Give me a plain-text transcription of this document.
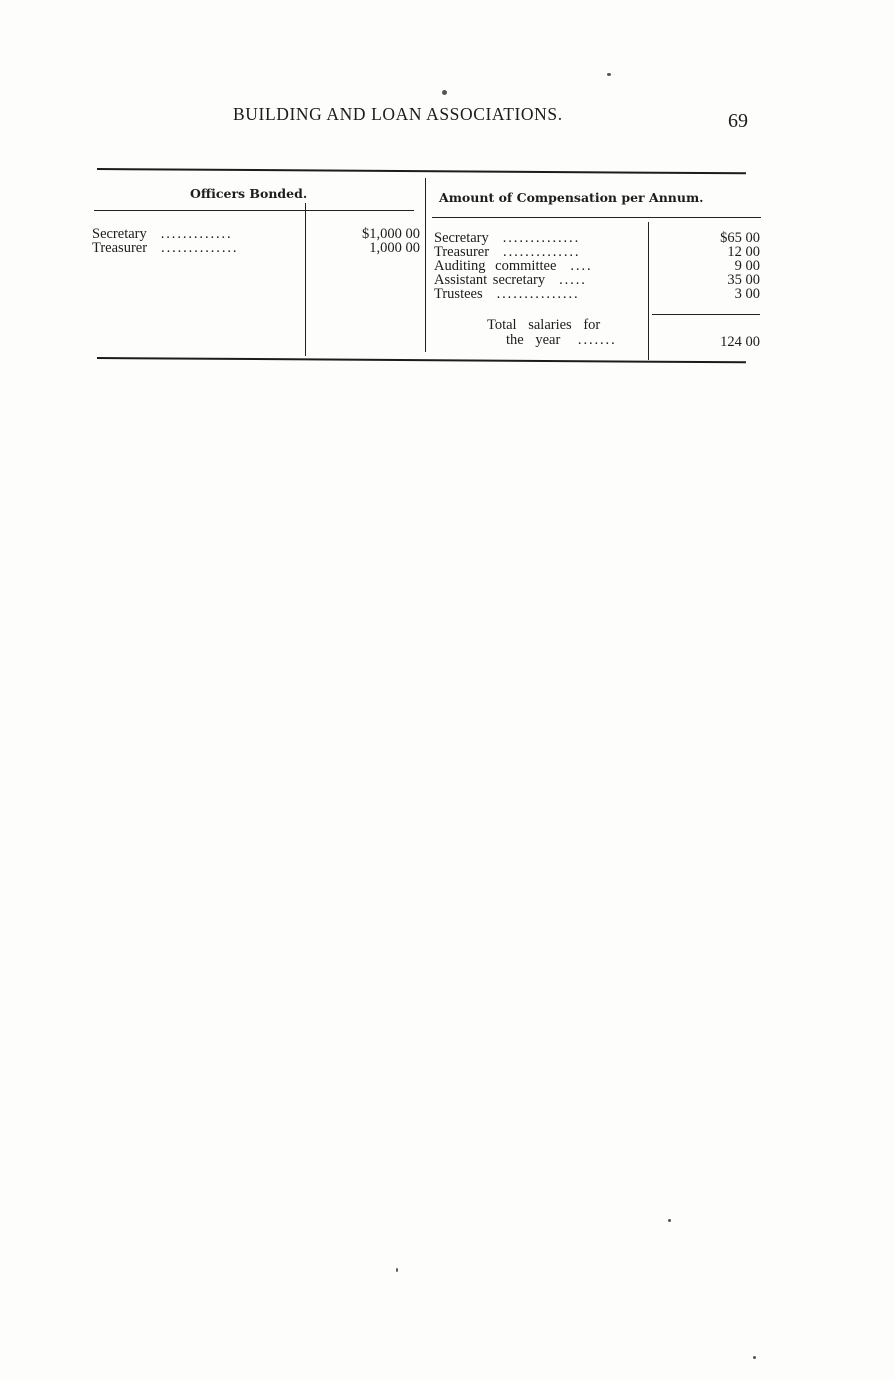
BUILDING AND LOAN ASSOCIATIONS.	69
Officers Bonded.
Secretary .............	$1,000 00
Treasurer ..............	1,000 00
Amount of Compensation per Annum.
Secretary ..............	$65 00
Treasurer ..............	12 00
Auditing committee ....	9 00
Assistant secretary .....	35 00
Trustees ...............	3 00
Total salaries for
the year .......	124 00
